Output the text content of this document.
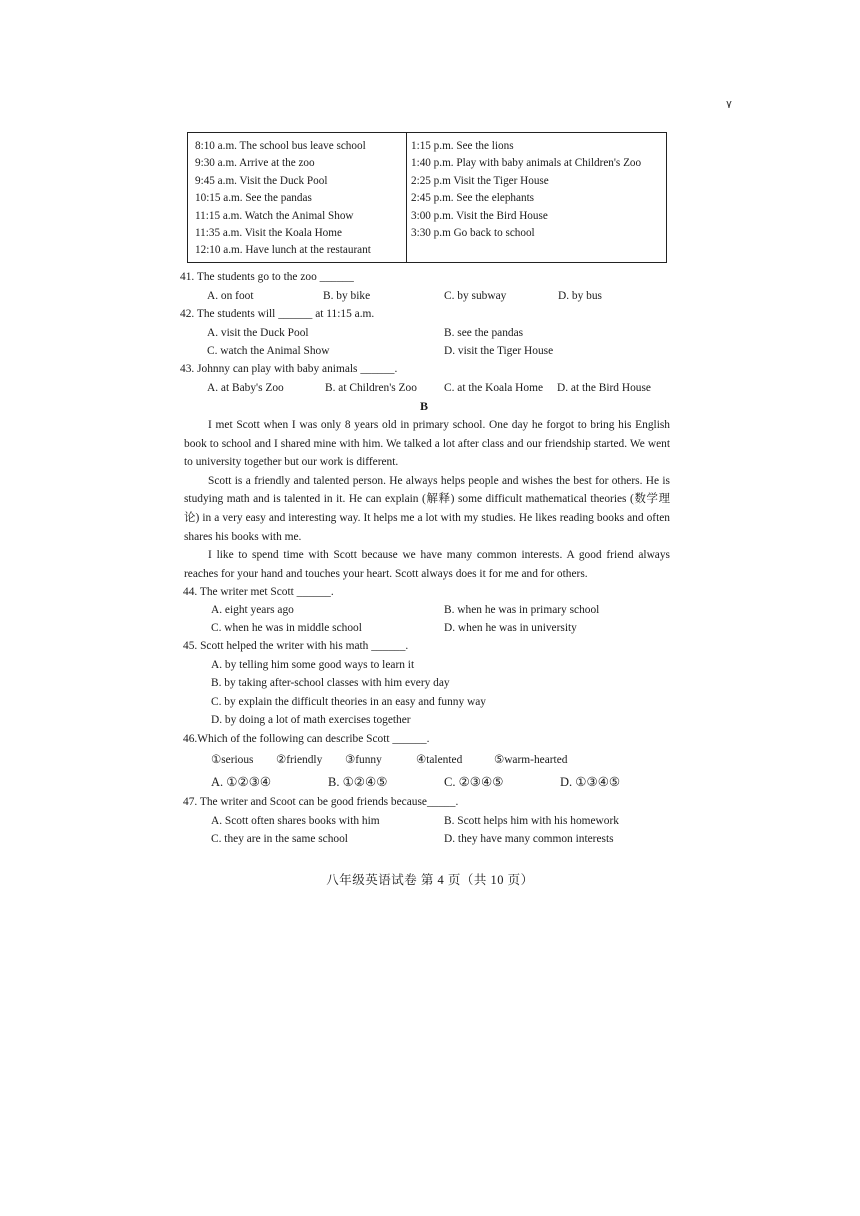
٧
8:10 a.m. The school bus leave school
9:30 a.m. Arrive at the zoo
9:45 a.m. Visit the Duck Pool
10:15 a.m. See the pandas
11:15 a.m. Watch the Animal Show
11:35 a.m. Visit the Koala Home
12:10 a.m. Have lunch at the restaurant
1:15 p.m. See the lions
1:40 p.m. Play with baby animals at Children's Zoo
2:25 p.m Visit the Tiger House
2:45 p.m. See the elephants
3:00 p.m. Visit the Bird House
3:30 p.m Go back to school
41. The students go to the zoo ______
A. on foot	B. by bike	C. by subway	D. by bus
42. The students will ______ at 11:15 a.m.
A. visit the Duck Pool	B. see the pandas
C. watch the Animal Show	D. visit the Tiger House
43. Johnny can play with baby animals ______.
A. at Baby's Zoo	B. at Children's Zoo C. at the Koala Home D. at the Bird House
B

I met Scott when I was only 8 years old in primary school. One day he forgot to bring his English book to school and I shared mine with him. We talked a lot after class and our friendship started. We went to university together but our work is different.

Scott is a friendly and talented person. He always helps people and wishes the best for others. He is studying math and is talented in it. He can explain (解释) some difficult mathematical theories (数学理论) in a very easy and interesting way. It helps me a lot with my studies. He likes reading books and often shares his books with me.

I like to spend time with Scott because we have many common interests. A good friend always reaches for your hand and touches your heart. Scott always does it for me and for others.

44. The writer met Scott ______.
A. eight years ago	B. when he was in primary school
C. when he was in middle school	D. when he was in university
45. Scott helped the writer with his math ______.
A. by telling him some good ways to learn it
B. by taking after-school classes with him every day
C. by explain the difficult theories in an easy and funny way
D. by doing a lot of math exercises together
46.Which of the following can describe Scott ______.
①serious ②friendly ③funny	④talented	⑤warm-hearted
A. ①②③④	B. ①②④⑤	C. ②③④⑤	D. ①③④⑤
47. The writer and Scoot can be good friends because_____.
A. Scott often shares books with him	B. Scott helps him with his homework
C. they are in the same school	D. they have many common interests
八年级英语试卷 第 4 页（共 10 页）
